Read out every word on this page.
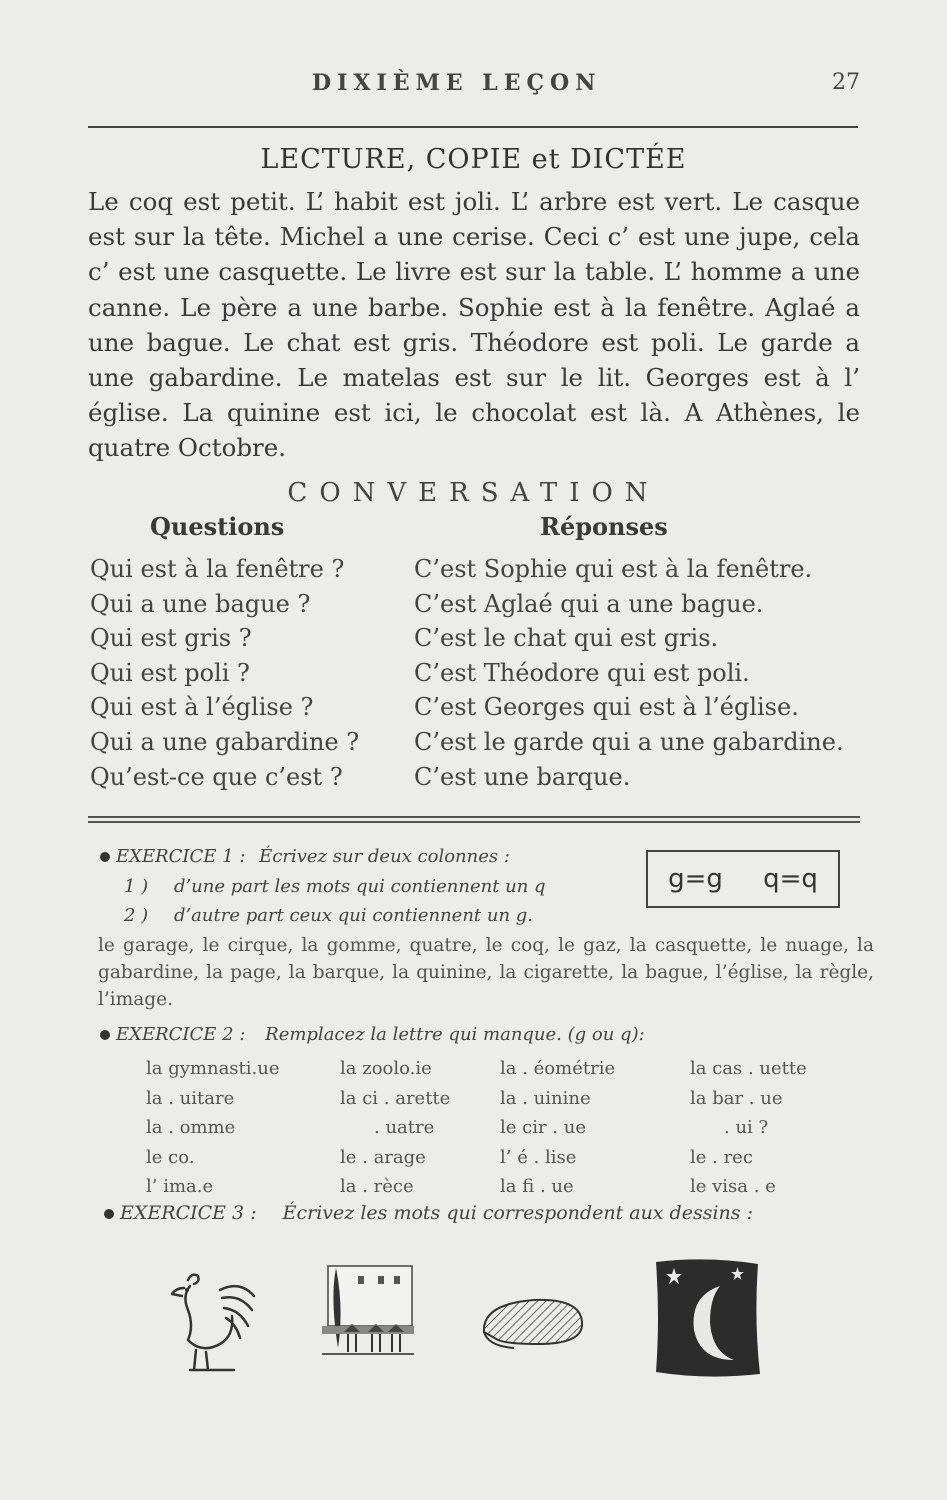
DIXIÈME LEÇON	27
LECTURE, COPIE et DICTÉE
Le coq est petit. L’ habit est joli. L’ arbre est vert. Le casque est sur la tête. Michel a une cerise. Ceci c’ est une jupe, cela c’ est une casquette. Le livre est sur la table. L’ homme a une canne. Le père a une barbe. Sophie est à la fenêtre. Aglaé a une bague. Le chat est gris. Théodore est poli. Le garde a une gabardine. Le matelas est sur le lit. Georges est à l’ église. La quinine est ici, le chocolat est là. A Athènes, le quatre Octobre.
CONVERSATION
Questions	Réponses
Qui est à la fenêtre ?
Qui a une bague ?
Qui est gris ?
Qui est poli ?
Qui est à l’église ?
Qui a une gabardine ?
Qu’est-ce que c’est ?
C’est Sophie qui est à la fenêtre.
C’est Aglaé qui a une bague.
C’est le chat qui est gris.
C’est Théodore qui est poli.
C’est Georges qui est à l’église.
C’est le garde qui a une gabardine.
C’est une barque.
EXERCICE 1 : Écrivez sur deux colonnes :
1 ) d’une part les mots qui contiennent un q
2 ) d’autre part ceux qui contiennent un g.
g=g q=q
le garage, le cirque, la gomme, quatre, le coq, le gaz, la casquette, le nuage, la gabardine, la page, la barque, la quinine, la cigarette, la bague, l’église, la règle, l’image.
EXERCICE 2 : Remplacez la lettre qui manque. (g ou q):
la gymnasti.ue
la . uitare
la . omme
le co.
l’ ima.e
la zoolo.ie
la ci . arette
. uatre
le . arage
la . rèce
la . éométrie
la . uinine
le cir . ue
l’ é . lise
la fi . ue
la cas . uette
la bar . ue
. ui ?
le . rec
le visa . e
EXERCICE 3 : Écrivez les mots qui correspondent aux dessins :
